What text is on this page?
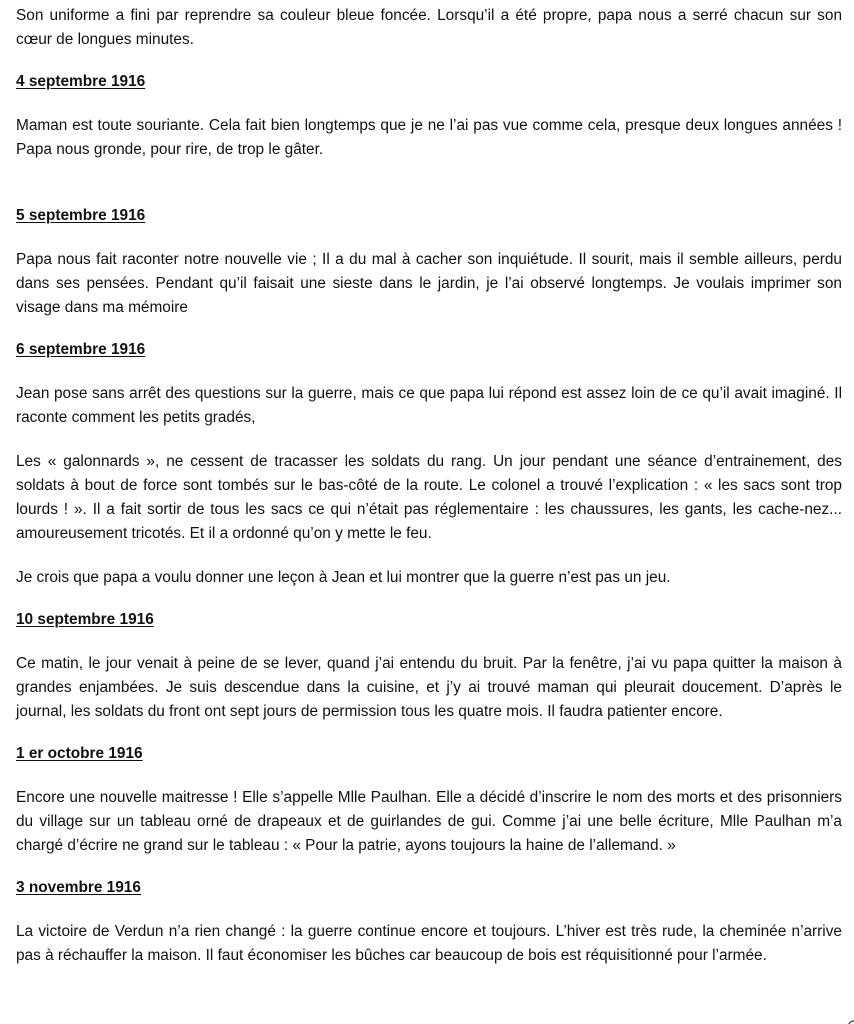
Son uniforme a fini par reprendre sa couleur bleue foncée. Lorsqu’il a été propre, papa nous a serré chacun sur son cœur de longues minutes.

4 septembre 1916

Maman est toute souriante. Cela fait bien longtemps que je ne l’ai pas vue comme cela, presque deux longues années ! Papa nous gronde, pour rire, de trop le gâter.

5 septembre 1916

Papa nous fait raconter notre nouvelle vie ; Il a du mal à cacher son inquiétude. Il sourit, mais il semble ailleurs, perdu dans ses pensées. Pendant qu’il faisait une sieste dans le jardin, je l’ai observé longtemps. Je voulais imprimer son visage dans ma mémoire

6 septembre 1916

Jean pose sans arrêt des questions sur la guerre, mais ce que papa lui répond est assez loin de ce qu’il avait imaginé. Il raconte comment les petits gradés,

Les « galonnards », ne cessent de tracasser les soldats du rang. Un jour pendant une séance d’entrainement, des soldats à bout de force sont tombés sur le bas-côté de la route. Le colonel a trouvé l’explication : « les sacs sont trop lourds ! ». Il a fait sortir de tous les sacs ce qui n’était pas réglementaire : les chaussures, les gants, les cache-nez... amoureusement tricotés. Et il a ordonné qu’on y mette le feu.

Je crois que papa a voulu donner une leçon à Jean et lui montrer que la guerre n’est pas un jeu.

10 septembre 1916

Ce matin, le jour venait à peine de se lever, quand j’ai entendu du bruit. Par la fenêtre, j’ai vu papa quitter la maison à grandes enjambées. Je suis descendue dans la cuisine, et j’y ai trouvé maman qui pleurait doucement. D’après le journal, les soldats du front ont sept jours de permission tous les quatre mois. Il faudra patienter encore.

1 er octobre 1916

Encore une nouvelle maitresse ! Elle s’appelle Mlle Paulhan. Elle a décidé d’inscrire le nom des morts et des prisonniers du village sur un tableau orné de drapeaux et de guirlandes de gui. Comme j’ai une belle écriture, Mlle Paulhan m’a chargé d’écrire ne grand sur le tableau : « Pour la patrie, ayons toujours la haine de l’allemand. »

3 novembre 1916

La victoire de Verdun n’a rien changé : la guerre continue encore et toujours. L’hiver est très rude, la cheminée n’arrive pas à réchauffer la maison. Il faut économiser les bûches car beaucoup de bois est réquisitionné pour l’armée.
